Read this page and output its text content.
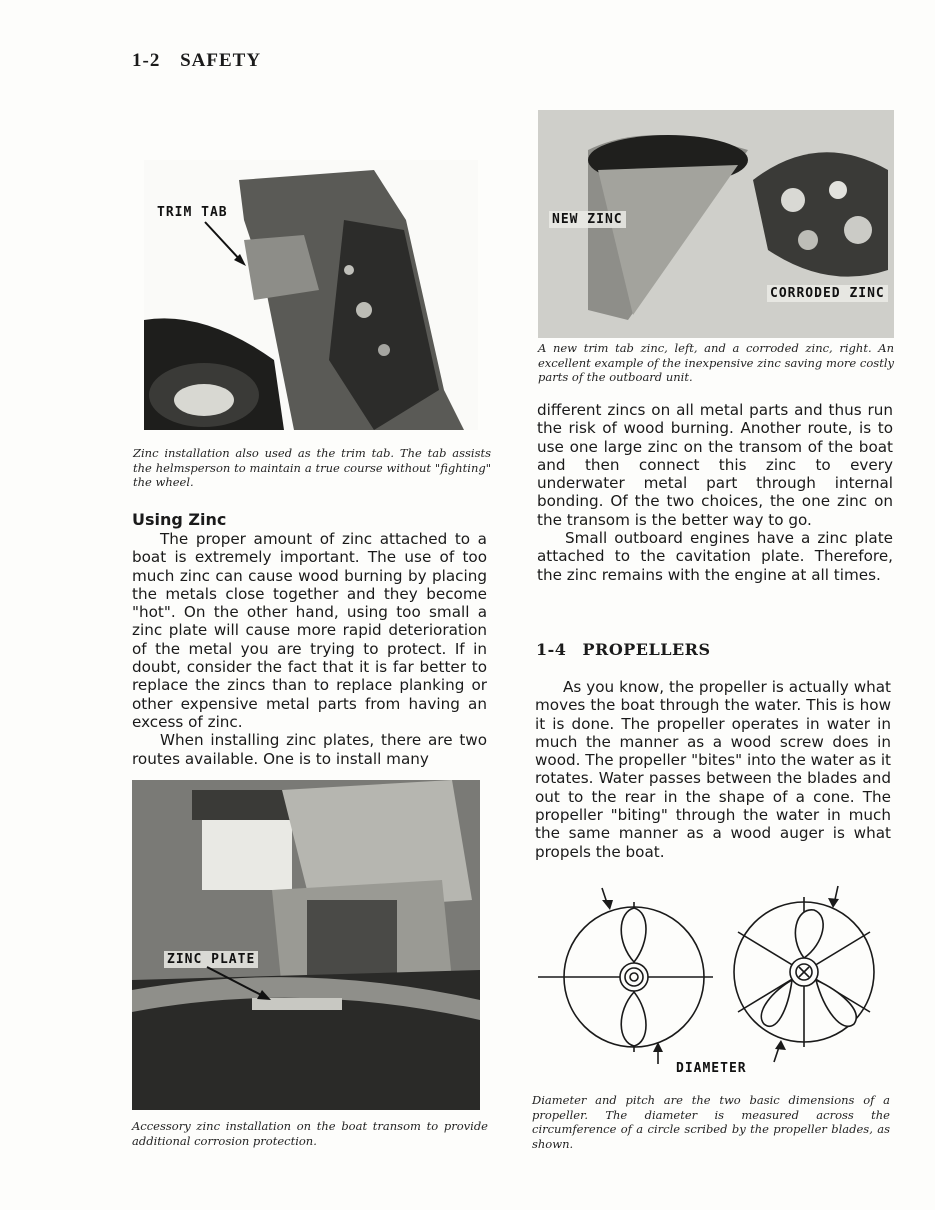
1-2 SAFETY
TRIM TAB
Zinc installation also used as the trim tab. The tab assists the helmsperson to maintain a true course without "fighting" the wheel.
NEW ZINC
CORRODED ZINC
A new trim tab zinc, left, and a corroded zinc, right. An excellent example of the inexpensive zinc saving more costly parts of the outboard unit.
Using Zinc

The proper amount of zinc attached to a boat is extremely important. The use of too much zinc can cause wood burning by placing the metals close together and they become "hot". On the other hand, using too small a zinc plate will cause more rapid deterioration of the metal you are trying to protect. If in doubt, consider the fact that it is far better to replace the zincs than to replace planking or other expensive metal parts from having an excess of zinc.

When installing zinc plates, there are two routes available. One is to install many

different zincs on all metal parts and thus run the risk of wood burning. Another route, is to use one large zinc on the transom of the boat and then connect this zinc to every underwater metal part through internal bonding. Of the two choices, the one zinc on the transom is the better way to go.

Small outboard engines have a zinc plate attached to the cavitation plate. Therefore, the zinc remains with the engine at all times.

1-4 PROPELLERS

As you know, the propeller is actually what moves the boat through the water. This is how it is done. The propeller operates in water in much the manner as a wood screw does in wood. The propeller "bites" into the water as it rotates. Water passes between the blades and out to the rear in the shape of a cone. The propeller "biting" through the water in much the same manner as a wood auger is what propels the boat.

ZINC PLATE
Accessory zinc installation on the boat transom to provide additional corrosion protection.
DIAMETER
Diameter and pitch are the two basic dimensions of a propeller. The diameter is measured across the circumference of a circle scribed by the propeller blades, as shown.
